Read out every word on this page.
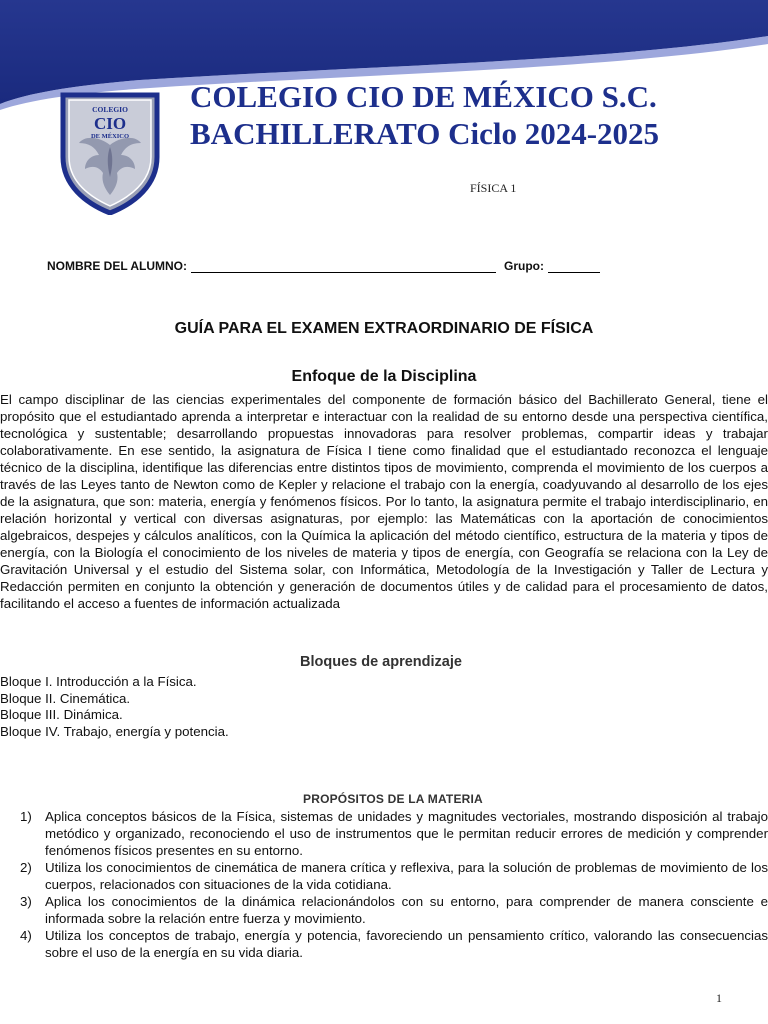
COLEGIO
CIO
DE MÉXICO
COLEGIO CIO DE MÉXICO S.C.
BACHILLERATO Ciclo 2024-2025
FÍSICA 1
NOMBRE DEL ALUMNO:	Grupo:
GUÍA PARA EL EXAMEN EXTRAORDINARIO DE FÍSICA
Enfoque de la Disciplina

El campo disciplinar de las ciencias experimentales del componente de formación básico del Bachillerato General, tiene el propósito que el estudiantado aprenda a interpretar e interactuar con la realidad de su entorno desde una perspectiva científica, tecnológica y sustentable; desarrollando propuestas innovadoras para resolver problemas, compartir ideas y trabajar colaborativamente. En ese sentido, la asignatura de Física I tiene como finalidad que el estudiantado reconozca el lenguaje técnico de la disciplina, identifique las diferencias entre distintos tipos de movimiento, comprenda el movimiento de los cuerpos a través de las Leyes tanto de Newton como de Kepler y relacione el trabajo con la energía, coadyuvando al desarrollo de los ejes de la asignatura, que son: materia, energía y fenómenos físicos. Por lo tanto, la asignatura permite el trabajo interdisciplinario, en relación horizontal y vertical con diversas asignaturas, por ejemplo: las Matemáticas con la aportación de conocimientos algebraicos, despejes y cálculos analíticos, con la Química la aplicación del método científico, estructura de la materia y tipos de energía, con la Biología el conocimiento de los niveles de materia y tipos de energía, con Geografía se relaciona con la Ley de Gravitación Universal y el estudio del Sistema solar, con Informática, Metodología de la Investigación y Taller de Lectura y Redacción permiten en conjunto la obtención y generación de documentos útiles y de calidad para el procesamiento de datos, facilitando el acceso a fuentes de información actualizada

Bloques de aprendizaje
Bloque I. Introducción a la Física.
Bloque II. Cinemática.
Bloque III. Dinámica.
Bloque IV. Trabajo, energía y potencia.
PROPÓSITOS DE LA MATERIA
1) Aplica conceptos básicos de la Física, sistemas de unidades y magnitudes vectoriales, mostrando disposición al trabajo metódico y organizado, reconociendo el uso de instrumentos que le permitan reducir errores de medición y comprender fenómenos físicos presentes en su entorno.
2) Utiliza los conocimientos de cinemática de manera crítica y reflexiva, para la solución de problemas de movimiento de los cuerpos, relacionados con situaciones de la vida cotidiana.
3) Aplica los conocimientos de la dinámica relacionándolos con su entorno, para comprender de manera consciente e informada sobre la relación entre fuerza y movimiento.
4) Utiliza los conceptos de trabajo, energía y potencia, favoreciendo un pensamiento crítico, valorando las consecuencias sobre el uso de la energía en su vida diaria.
1
